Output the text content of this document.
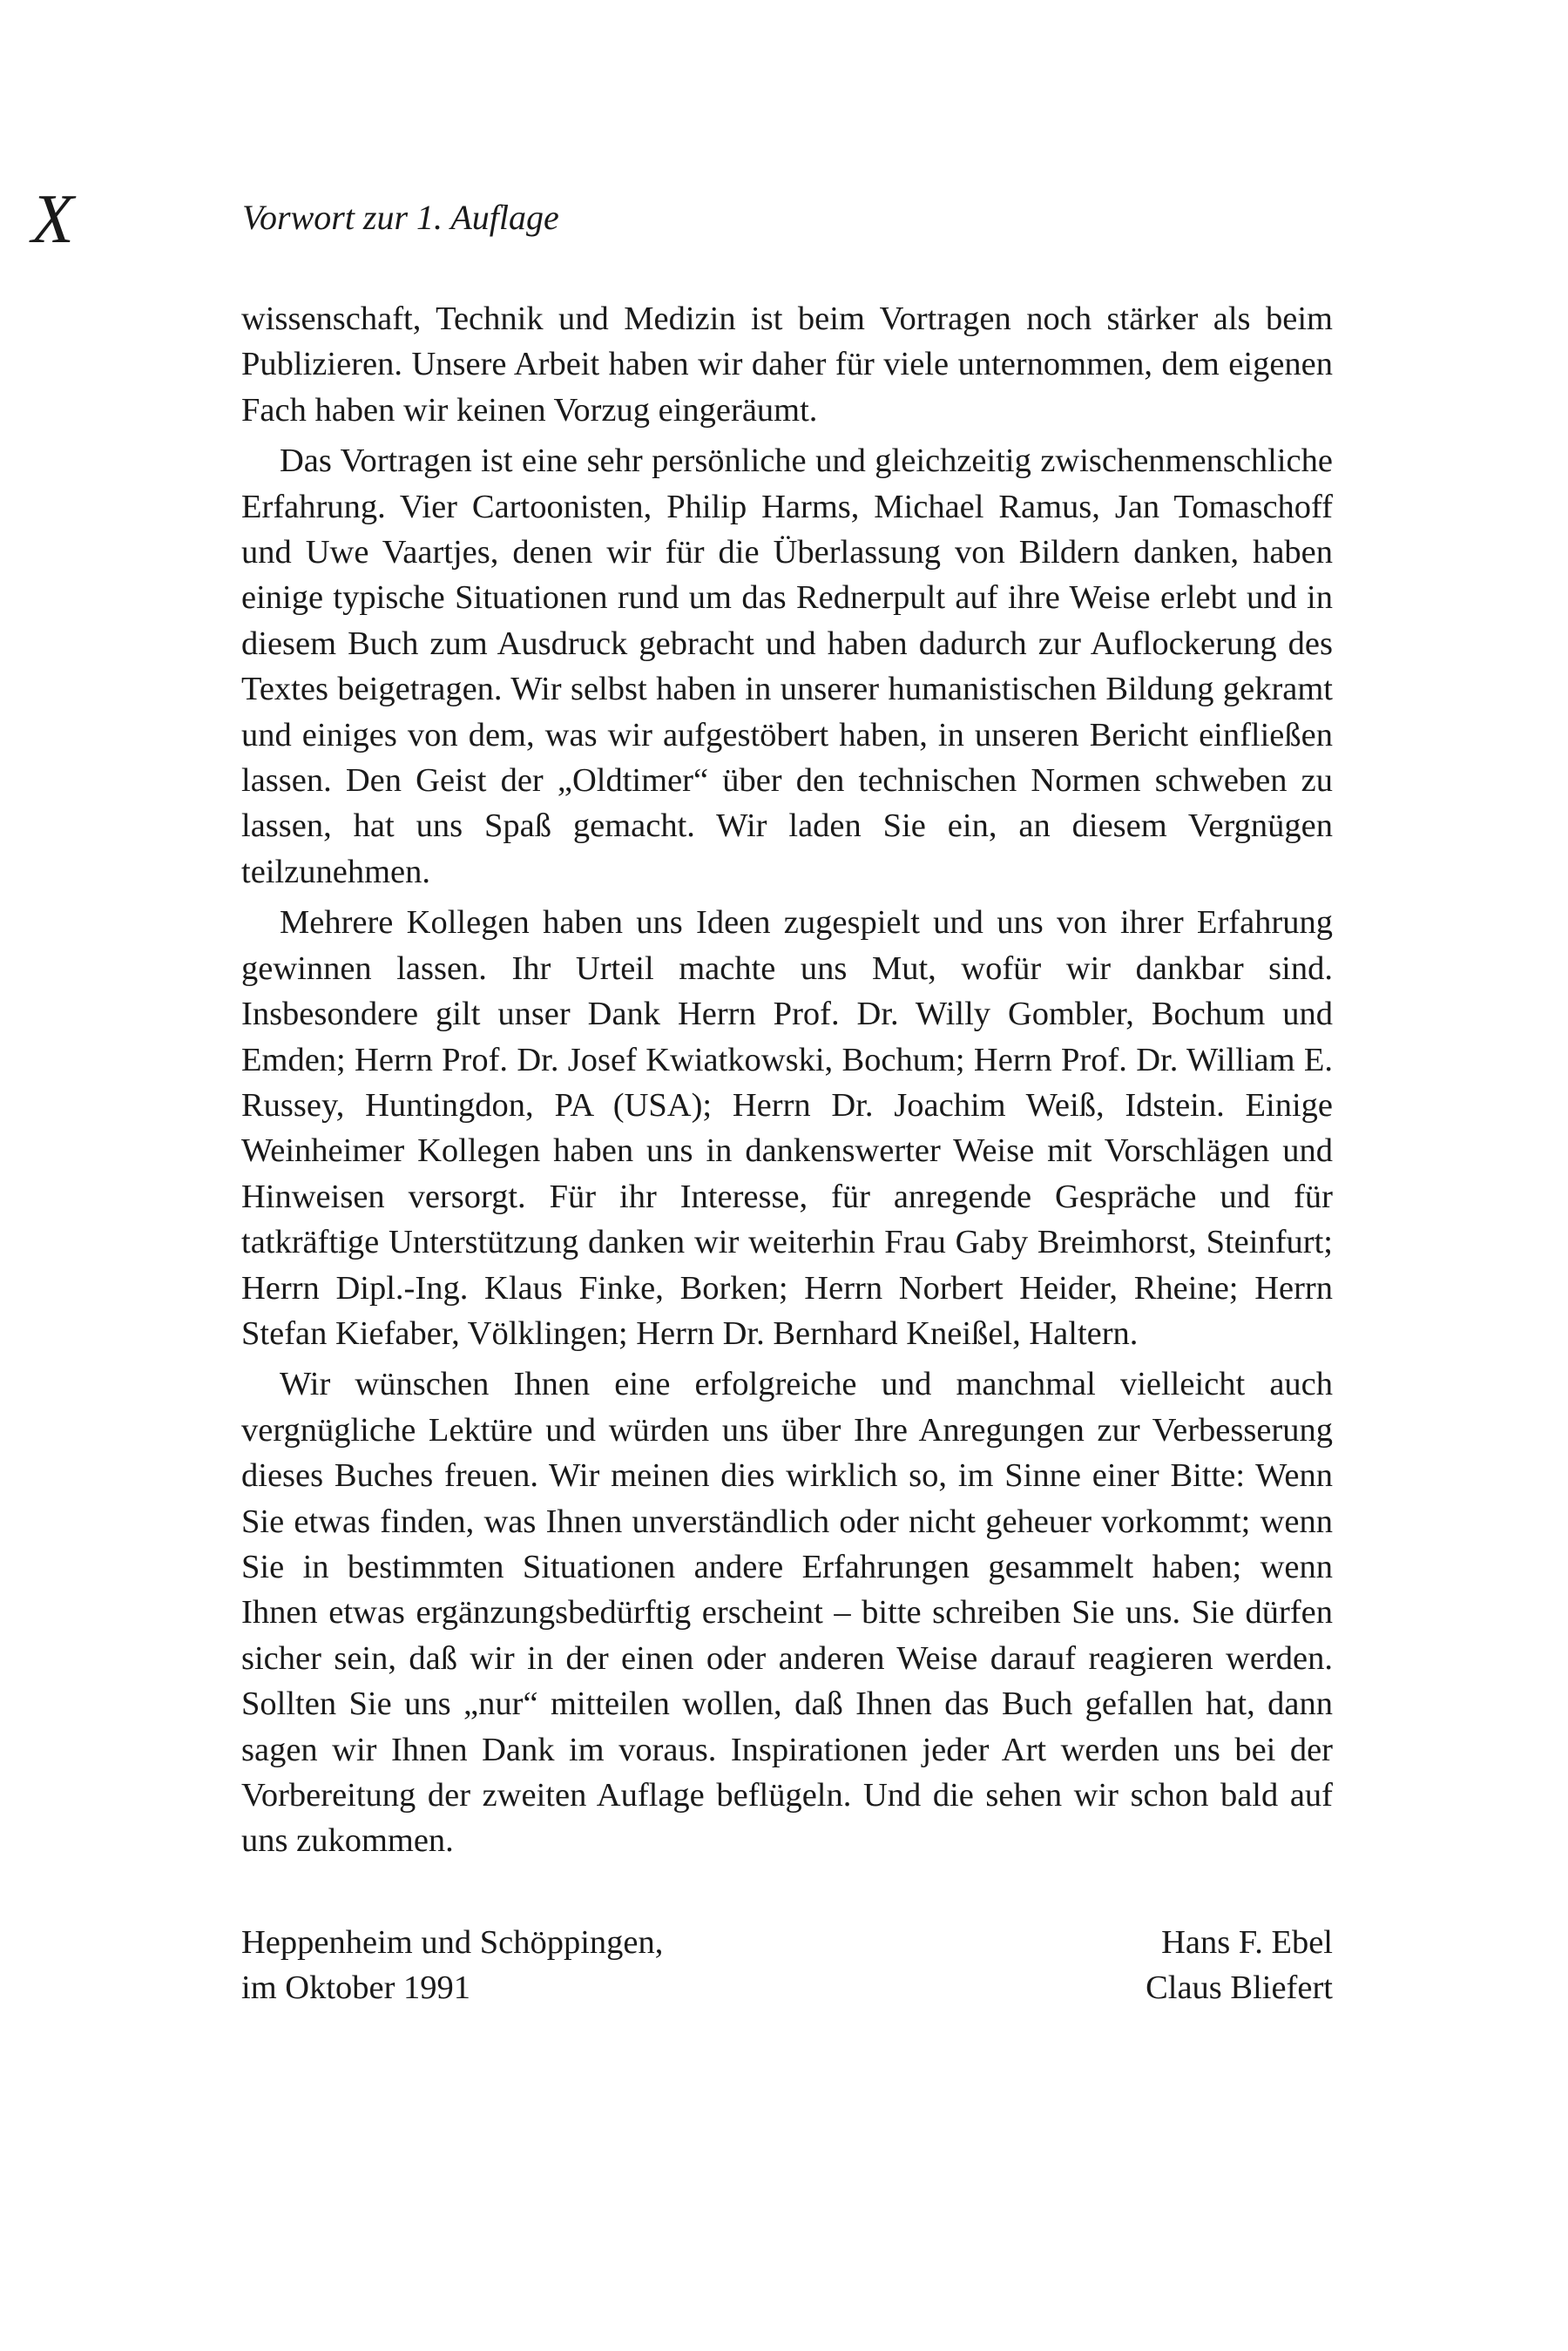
X	Vorwort zur 1. Auflage

wissenschaft, Technik und Medizin ist beim Vortragen noch stärker als beim Publizieren. Unsere Arbeit haben wir daher für viele unternommen, dem eigenen Fach haben wir keinen Vorzug eingeräumt.

Das Vortragen ist eine sehr persönliche und gleichzeitig zwischenmenschliche Erfahrung. Vier Cartoonisten, Philip Harms, Michael Ramus, Jan Tomaschoff und Uwe Vaartjes, denen wir für die Überlassung von Bildern danken, haben einige typische Situationen rund um das Rednerpult auf ihre Weise erlebt und in diesem Buch zum Ausdruck gebracht und haben dadurch zur Auflockerung des Textes beigetragen. Wir selbst haben in unserer humanistischen Bildung gekramt und einiges von dem, was wir aufgestöbert haben, in unseren Bericht einfließen lassen. Den Geist der „Oldtimer“ über den technischen Normen schweben zu lassen, hat uns Spaß gemacht. Wir laden Sie ein, an diesem Vergnügen teilzunehmen.

Mehrere Kollegen haben uns Ideen zugespielt und uns von ihrer Erfahrung gewinnen lassen. Ihr Urteil machte uns Mut, wofür wir dankbar sind. Insbesondere gilt unser Dank Herrn Prof. Dr. Willy Gombler, Bochum und Emden; Herrn Prof. Dr. Josef Kwiatkowski, Bochum; Herrn Prof. Dr. William E. Russey, Huntingdon, PA (USA); Herrn Dr. Joachim Weiß, Idstein. Einige Weinheimer Kollegen haben uns in dankenswerter Weise mit Vorschlägen und Hinweisen versorgt. Für ihr Interesse, für anregende Gespräche und für tatkräftige Unterstützung danken wir weiterhin Frau Gaby Breimhorst, Steinfurt; Herrn Dipl.-Ing. Klaus Finke, Borken; Herrn Norbert Heider, Rheine; Herrn Stefan Kiefaber, Völklingen; Herrn Dr. Bernhard Kneißel, Haltern.

Wir wünschen Ihnen eine erfolgreiche und manchmal vielleicht auch vergnügliche Lektüre und würden uns über Ihre Anregungen zur Verbesserung dieses Buches freuen. Wir meinen dies wirklich so, im Sinne einer Bitte: Wenn Sie etwas finden, was Ihnen unverständlich oder nicht geheuer vorkommt; wenn Sie in bestimmten Situationen andere Erfahrungen gesammelt haben; wenn Ihnen etwas ergänzungsbedürftig erscheint – bitte schreiben Sie uns. Sie dürfen sicher sein, daß wir in der einen oder anderen Weise darauf reagieren werden. Sollten Sie uns „nur“ mitteilen wollen, daß Ihnen das Buch gefallen hat, dann sagen wir Ihnen Dank im voraus. Inspirationen jeder Art werden uns bei der Vorbereitung der zweiten Auflage beflügeln. Und die sehen wir schon bald auf uns zukommen.

Heppenheim und Schöppingen,
im Oktober 1991
Hans F. Ebel
Claus Bliefert
